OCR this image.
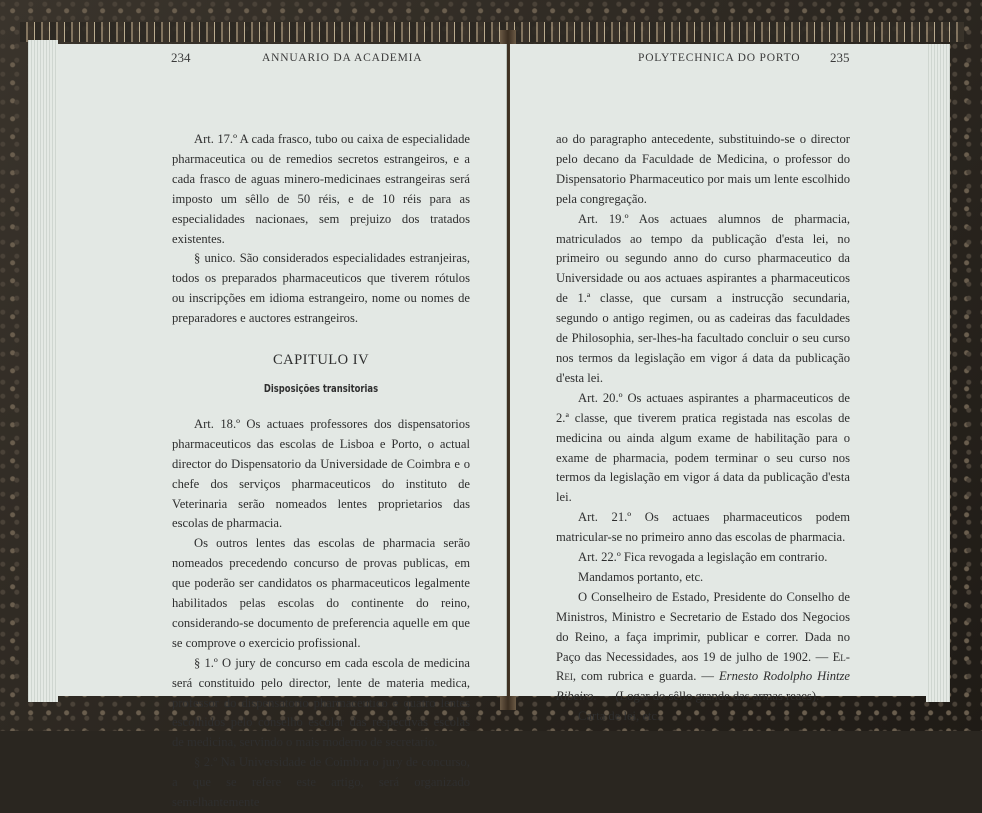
234	ANNUARIO DA ACADEMIA

Art. 17.º A cada frasco, tubo ou caixa de especialidade pharmaceutica ou de remedios secretos estrangeiros, e a cada frasco de aguas minero-medicinaes estrangeiras será imposto um sêllo de 50 réis, e de 10 réis para as especialidades nacionaes, sem prejuizo dos tratados existentes.

§ unico. São considerados especialidades estranjeiras, todos os preparados pharmaceuticos que tiverem rótulos ou inscripções em idioma estrangeiro, nome ou nomes de preparadores e auctores estrangeiros.

CAPITULO IV
Disposições transitorias

Art. 18.º Os actuaes professores dos dispensatorios pharmaceuticos das escolas de Lisboa e Porto, o actual director do Dispensatorio da Universidade de Coimbra e o chefe dos serviços pharmaceuticos do instituto de Veterinaria serão nomeados lentes proprietarios das escolas de pharmacia.

Os outros lentes das escolas de pharmacia serão nomeados precedendo concurso de provas publicas, em que poderão ser candidatos os pharmaceuticos legalmente habilitados pelas escolas do continente do reino, considerando-se documento de preferencia aquelle em que se comprove o exercicio profissional.

§ 1.º O jury de concurso em cada escola de medicina será constituido pelo director, lente de materia medica, professor do dispensatorio pharmaceutico e quatro lentes escolhidos pelo conselho escolar das respectivas escolas de medicina, servindo o mais moderno de secretario.

§ 2.º Na Universidade de Coimbra o jury de concurso, a que se refere este artigo, será organizado semelhantemente

POLYTECHNICA DO PORTO 235

ao do paragrapho antecedente, substituindo-se o director pelo decano da Faculdade de Medicina, o professor do Dispensatorio Pharmaceutico por mais um lente escolhido pela congregação.

Art. 19.º Aos actuaes alumnos de pharmacia, matriculados ao tempo da publicação d'esta lei, no primeiro ou segundo anno do curso pharmaceutico da Universidade ou aos actuaes aspirantes a pharmaceuticos de 1.ª classe, que cursam a instrucção secundaria, segundo o antigo regimen, ou as cadeiras das faculdades de Philosophia, ser-lhes-ha facultado concluir o seu curso nos termos da legislação em vigor á data da publicação d'esta lei.

Art. 20.º Os actuaes aspirantes a pharmaceuticos de 2.ª classe, que tiverem pratica registada nas escolas de medicina ou ainda algum exame de habilitação para o exame de pharmacia, podem terminar o seu curso nos termos da legislação em vigor á data da publicação d'esta lei.

Art. 21.º Os actuaes pharmaceuticos podem matricular-se no primeiro anno das escolas de pharmacia.

Art. 22.º Fica revogada a legislação em contrario.

Mandamos portanto, etc.

O Conselheiro de Estado, Presidente do Conselho de Ministros, Ministro e Secretario de Estado dos Negocios do Reino, a faça imprimir, publicar e correr. Dada no Paço das Necessidades, aos 19 de julho de 1902. — El-Rei, com rubrica e guarda. — Ernesto Rodolpho Hintze Ribeiro. — (Logar do sêllo grande das armas reaes).

Carta de lei, etc.
